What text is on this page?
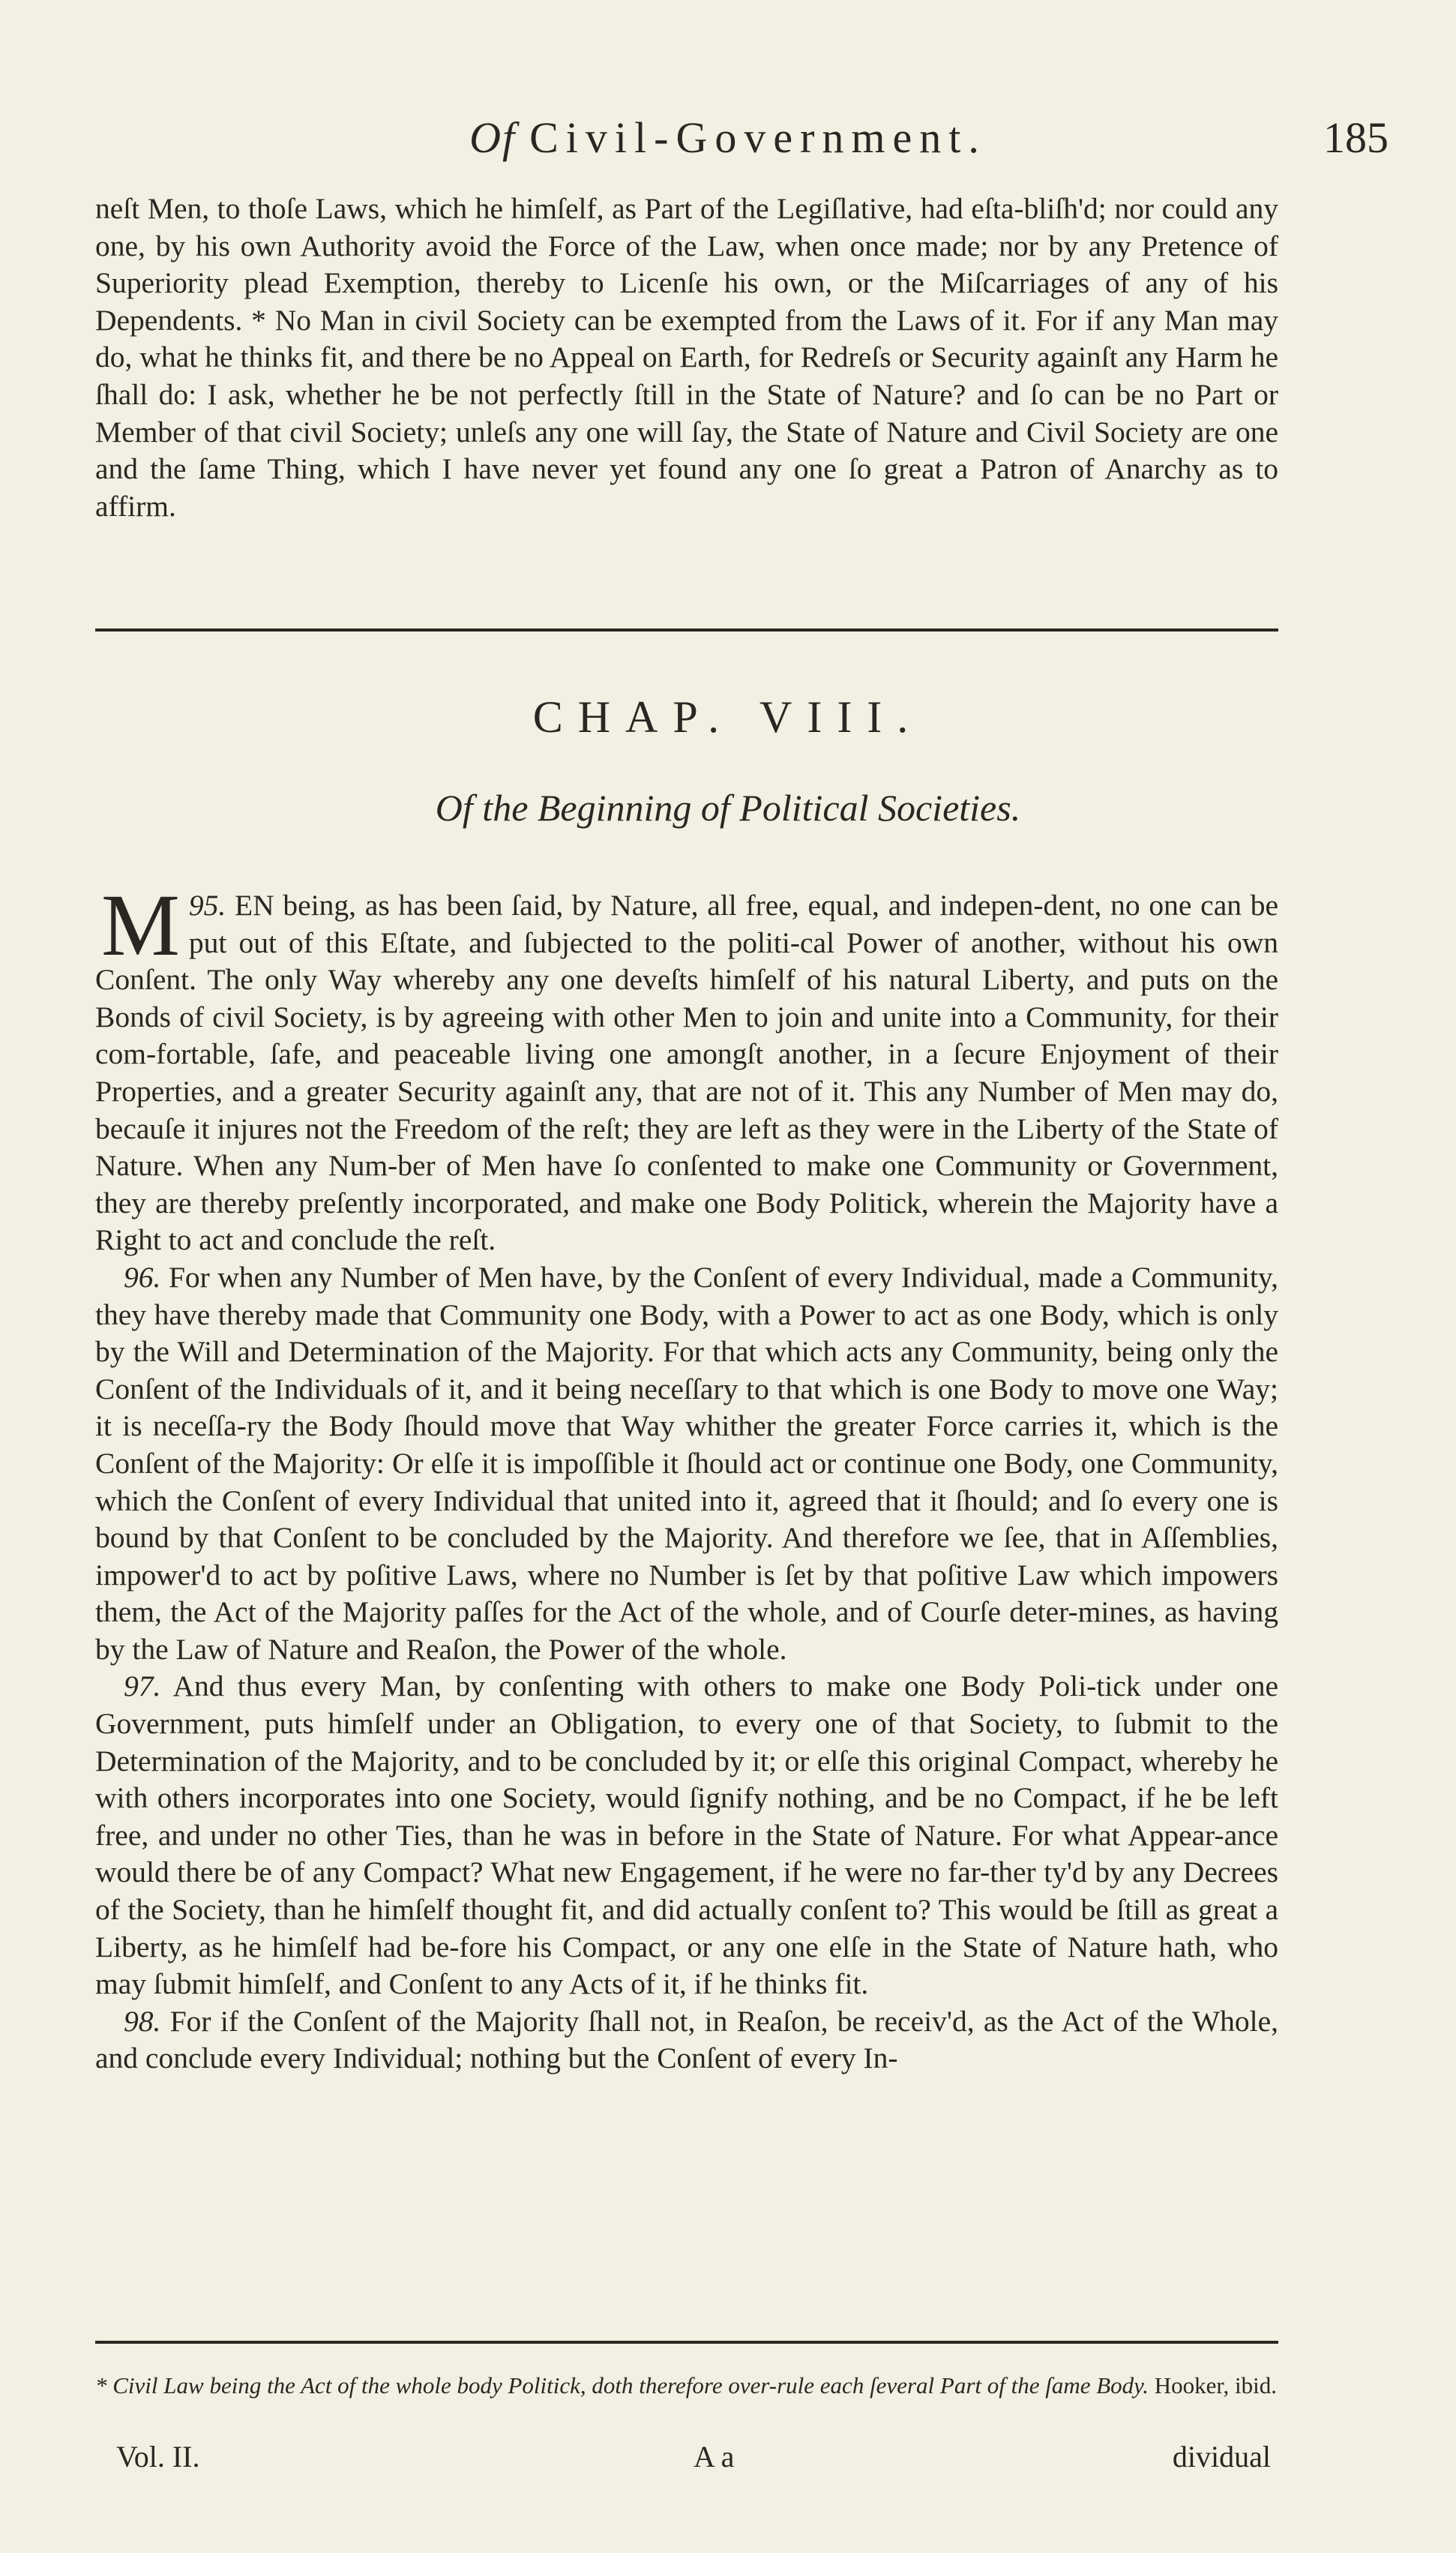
Of Civil-Government.	185

neſt Men, to thoſe Laws, which he himſelf, as Part of the Legiſlative, had eſta-bliſh'd; nor could any one, by his own Authority avoid the Force of the Law, when once made; nor by any Pretence of Superiority plead Exemption, thereby to Licenſe his own, or the Miſcarriages of any of his Dependents. * No Man in civil Society can be exempted from the Laws of it. For if any Man may do, what he thinks fit, and there be no Appeal on Earth, for Redreſs or Security againſt any Harm he ſhall do: I ask, whether he be not perfectly ſtill in the State of Nature? and ſo can be no Part or Member of that civil Society; unleſs any one will ſay, the State of Nature and Civil Society are one and the ſame Thing, which I have never yet found any one ſo great a Patron of Anarchy as to affirm.

CHAP. VIII.
Of the Beginning of Political Societies.

95.
M EN being, as has been ſaid, by Nature, all free, equal, and indepen-dent, no one can be put out of this Eſtate, and ſubjected to the politi-cal Power of another, without his own Conſent. The only Way whereby any one deveſts himſelf of his natural Liberty, and puts on the Bonds of civil Society, is by agreeing with other Men to join and unite into a Community, for their com-fortable, ſafe, and peaceable living one amongſt another, in a ſecure Enjoyment of their Properties, and a greater Security againſt any, that are not of it. This any Number of Men may do, becauſe it injures not the Freedom of the reſt; they are left as they were in the Liberty of the State of Nature. When any Num-ber of Men have ſo conſented to make one Community or Government, they are thereby preſently incorporated, and make one Body Politick, wherein the Majority have a Right to act and conclude the reſt.

96. For when any Number of Men have, by the Conſent of every Individual, made a Community, they have thereby made that Community one Body, with a Power to act as one Body, which is only by the Will and Determination of the Majority. For that which acts any Community, being only the Conſent of the Individuals of it, and it being neceſſary to that which is one Body to move one Way; it is neceſſa-ry the Body ſhould move that Way whither the greater Force carries it, which is the Conſent of the Majority: Or elſe it is impoſſible it ſhould act or continue one Body, one Community, which the Conſent of every Individual that united into it, agreed that it ſhould; and ſo every one is bound by that Conſent to be concluded by the Majority. And therefore we ſee, that in Aſſemblies, impower'd to act by poſitive Laws, where no Number is ſet by that poſitive Law which impowers them, the Act of the Majority paſſes for the Act of the whole, and of Courſe deter-mines, as having by the Law of Nature and Reaſon, the Power of the whole.

97. And thus every Man, by conſenting with others to make one Body Poli-tick under one Government, puts himſelf under an Obligation, to every one of that Society, to ſubmit to the Determination of the Majority, and to be concluded by it; or elſe this original Compact, whereby he with others incorporates into one Society, would ſignify nothing, and be no Compact, if he be left free, and under no other Ties, than he was in before in the State of Nature. For what Appear-ance would there be of any Compact? What new Engagement, if he were no far-ther ty'd by any Decrees of the Society, than he himſelf thought fit, and did actually conſent to? This would be ſtill as great a Liberty, as he himſelf had be-fore his Compact, or any one elſe in the State of Nature hath, who may ſubmit himſelf, and Conſent to any Acts of it, if he thinks fit.

98. For if the Conſent of the Majority ſhall not, in Reaſon, be receiv'd, as the Act of the Whole, and conclude every Individual; nothing but the Conſent of every In-

* Civil Law being the Act of the whole body Politick, doth therefore over-rule each ſeveral Part of the ſame Body. Hooker, ibid.
Vol. II.	A a	dividual
